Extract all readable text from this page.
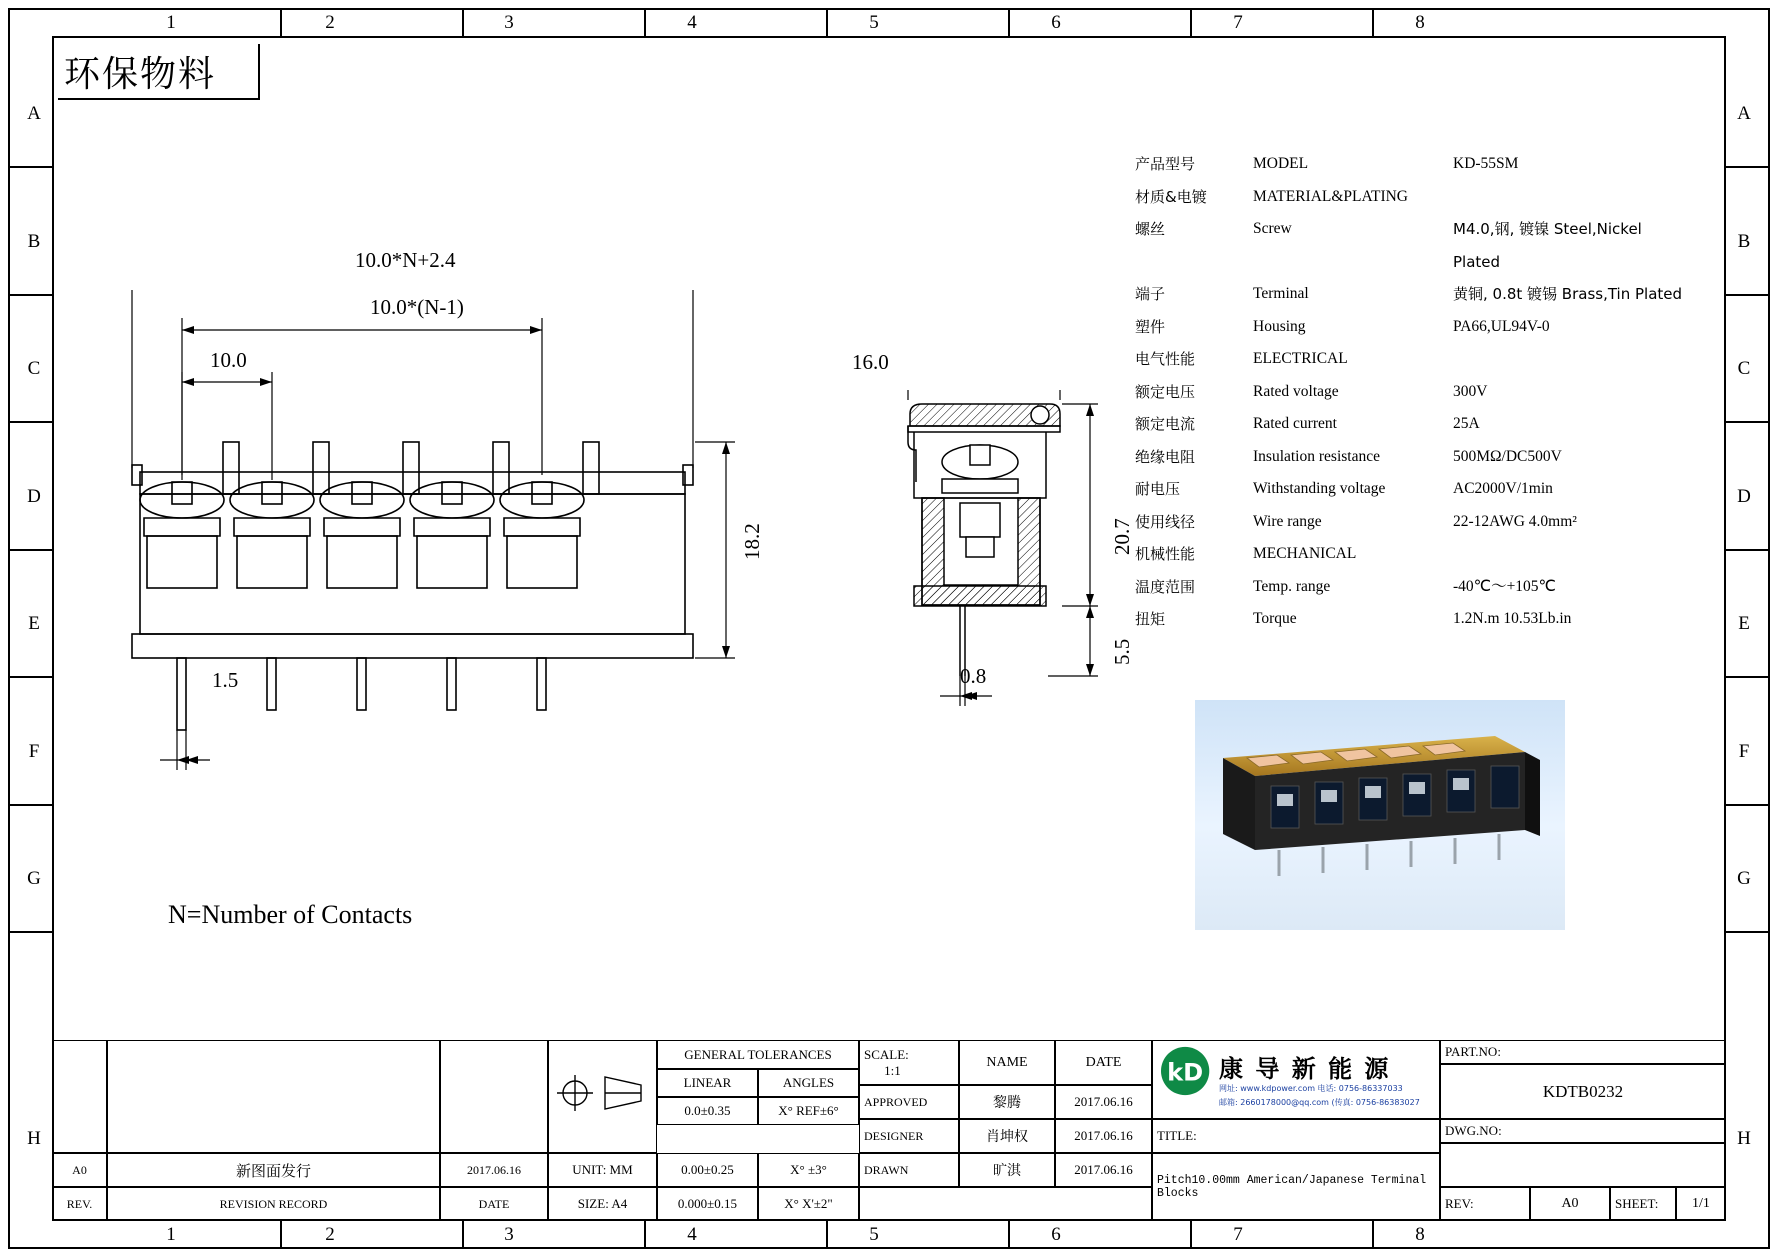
1	2	3	4	5	6	7	8
1	2	3	4	5	6	7	8
A
B
C
D
E
F
G
H
A
B
C
D
E
F
G
H
环保物料
产品型号	MODEL	KD-55SM
材质&电镀	MATERIAL&PLATING
螺丝	Screw	M4.0,钢, 镀镍 Steel,Nickel Plated
端子	Terminal	黄铜, 0.8t 镀锡 Brass,Tin Plated
塑件	Housing	PA66,UL94V-0
电气性能	ELECTRICAL
额定电压	Rated voltage	300V
额定电流	Rated current	25A
绝缘电阻	Insulation resistance	500MΩ/DC500V
耐电压	Withstanding voltage	AC2000V/1min
使用线径	Wire range	22-12AWG 4.0mm²
机械性能	MECHANICAL
温度范围	Temp. range	-40℃～+105℃
扭矩	Torque	1.2N.m 10.53Lb.in
10.0*N+2.4
10.0*(N-1)
10.0
18.2
1.5
16.0
20.7
5.5
0.8
N=Number of Contacts
A0	新图面发行	2017.06.16
REV.	REVISION RECORD	DATE
UNIT: MM
SIZE: A4
GENERAL TOLERANCES
LINEAR	ANGLES
0.0±0.35	X° REF±6°
0.00±0.25	X° ±3°
0.000±0.15	X° X'±2"
SCALE:
1:1
NAME	DATE
APPROVED	黎腾	2017.06.16
DESIGNER	肖坤权	2017.06.16
DRAWN	旷淇	2017.06.16
kD 康 导 新 能 源
网址: www.kdpower.com 电话: 0756-86337033
邮箱: 2660178000@qq.com (传真: 0756-86383027
TITLE:
Pitch10.00mm American/Japanese Terminal Blocks
PART.NO:
KDTB0232
DWG.NO:
REV:	A0	SHEET:	1/1
